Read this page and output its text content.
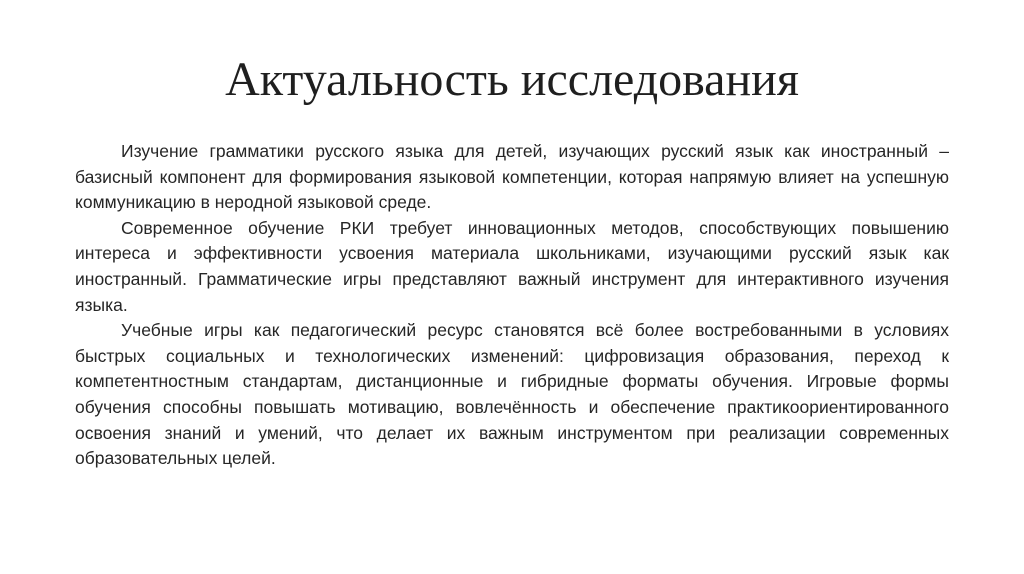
Актуальность исследования

Изучение грамматики русского языка для детей, изучающих русский язык как иностранный – базисный компонент для формирования языковой компетенции, которая напрямую влияет на успешную коммуникацию в неродной языковой среде.

Современное обучение РКИ требует инновационных методов, способствующих повышению интереса и эффективности усвоения материала школьниками, изучающими русский язык как иностранный. Грамматические игры представляют важный инструмент для интерактивного изучения языка.

Учебные игры как педагогический ресурс становятся всё более востребованными в условиях быстрых социальных и технологических изменений: цифровизация образования, переход к компетентностным стандартам, дистанционные и гибридные форматы обучения. Игровые формы обучения способны повышать мотивацию, вовлечённость и обеспечение практикоориентированного освоения знаний и умений, что делает их важным инструментом при реализации современных образовательных целей.
